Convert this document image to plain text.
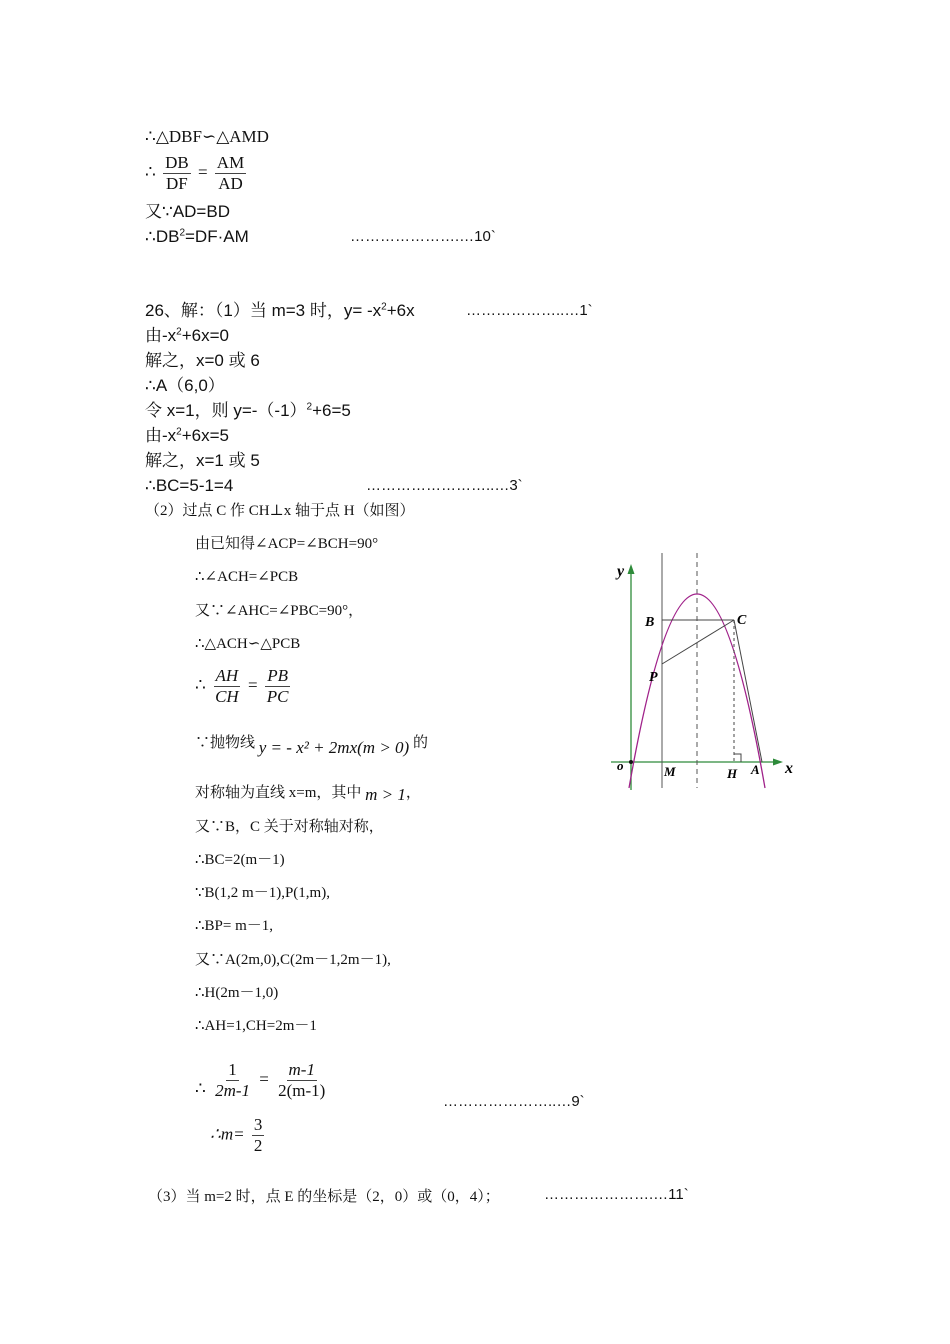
∴△DBF∽△AMD
∴ $\frac{DB}{DF} = \frac{AM}{AD}$
又∵AD=BD
$\therefore DB^2=DF\cdot AM$	………………….…10`
26、解：（1）当 m=3 时，$y= -x^2+6x$	………………..…1`
由$-x^2+6x=0$
解之，x=0 或 6
∴A（6,0）
令 x=1，则 $y=-(-1)^2+6=5$
由$-x^2+6x=5$
解之，x=1 或 5
∴BC=5-1=4	……………………..…3`
（2）过点 C 作 CH⊥x 轴于点 H（如图）
由已知得∠ACP=∠BCH=90°
∴∠ACH=∠PCB
又∵∠AHC=∠PBC=90°，
∴△ACH∽△PCB
∴ $\frac{AH}{CH} = \frac{PB}{PC}$
∵抛物线 y = - x² + 2mx(m > 0) 的
对称轴为直线 x=m，其中 m > 1，
又∵B，C 关于对称轴对称，
∴BC=2(m－1)
∵B(1,2 m－1),P(1,m),
∴BP= m－1,
又∵A(2m,0),C(2m－1,2m－1),
∴H(2m－1,0)
∴AH=1,CH=2m－1
∴ $\frac{1}{2m-1} = \frac{m-1}{2(m-1)}$
…………………..…9`
∴m= $\frac{3}{2}$
（3）当 m=2 时，点 E 的坐标是（2，0）或（0，4）；	………………….…11`
y
x
o
B	C
P
M	H A
